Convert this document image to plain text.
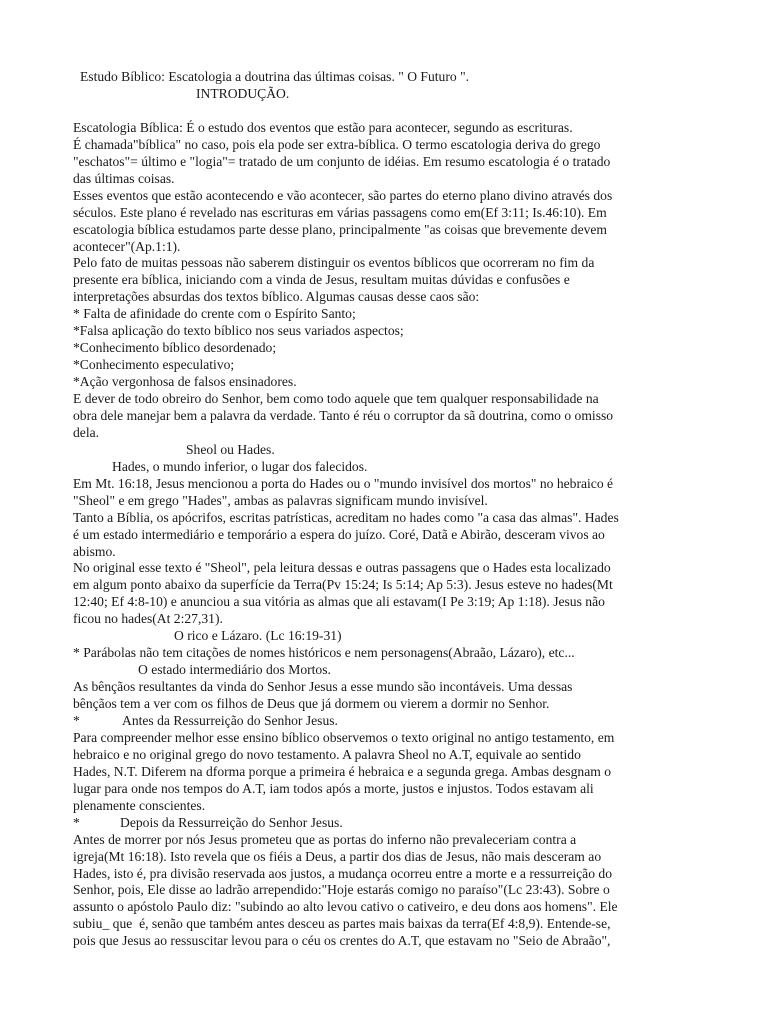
Estudo Bíblico: Escatologia a doutrina das últimas coisas. " O Futuro ".
INTRODUÇÃO.
Escatologia Bíblica: É o estudo dos eventos que estão para acontecer, segundo as escrituras.
É chamada"bíblica" no caso, pois ela pode ser extra-bíblica. O termo escatologia deriva do grego
"eschatos"= último e "logia"= tratado de um conjunto de idéias. Em resumo escatologia é o tratado
das últimas coisas.
Esses eventos que estão acontecendo e vão acontecer, são partes do eterno plano divino através dos
séculos. Este plano é revelado nas escrituras em várias passagens como em(Ef 3:11; Is.46:10). Em
escatologia bíblica estudamos parte desse plano, principalmente "as coisas que brevemente devem
acontecer"(Ap.1:1).
Pelo fato de muitas pessoas não saberem distinguir os eventos bíblicos que ocorreram no fim da
presente era bíblica, iniciando com a vinda de Jesus, resultam muitas dúvidas e confusões e
interpretações absurdas dos textos bíblico. Algumas causas desse caos são:
* Falta de afinidade do crente com o Espírito Santo;
*Falsa aplicação do texto bíblico nos seus variados aspectos;
*Conhecimento bíblico desordenado;
*Conhecimento especulativo;
*Ação vergonhosa de falsos ensinadores.
E dever de todo obreiro do Senhor, bem como todo aquele que tem qualquer responsabilidade na
obra dele manejar bem a palavra da verdade. Tanto é réu o corruptor da sã doutrina, como o omisso
dela.
Sheol ou Hades.
Hades, o mundo inferior, o lugar dos falecidos.
Em Mt. 16:18, Jesus mencionou a porta do Hades ou o "mundo invisível dos mortos" no hebraico é
"Sheol" e em grego "Hades", ambas as palavras significam mundo invisível.
Tanto a Bíblia, os apócrifos, escritas patrísticas, acreditam no hades como "a casa das almas". Hades
é um estado intermediário e temporário a espera do juízo. Coré, Datã e Abirão, desceram vivos ao
abismo.
No original esse texto é "Sheol", pela leitura dessas e outras passagens que o Hades esta localizado
em algum ponto abaixo da superfície da Terra(Pv 15:24; Is 5:14; Ap 5:3). Jesus esteve no hades(Mt
12:40; Ef 4:8-10) e anunciou a sua vitória as almas que ali estavam(I Pe 3:19; Ap 1:18). Jesus não
ficou no hades(At 2:27,31).
O rico e Lázaro. (Lc 16:19-31)
* Parábolas não tem citações de nomes históricos e nem personagens(Abraão, Lázaro), etc...
O estado intermediário dos Mortos.
As bênçãos resultantes da vinda do Senhor Jesus a esse mundo são incontáveis. Uma dessas
bênçãos tem a ver com os filhos de Deus que já dormem ou vierem a dormir no Senhor.
*	Antes da Ressurreição do Senhor Jesus.
Para compreender melhor esse ensino bíblico observemos o texto original no antigo testamento, em
hebraico e no original grego do novo testamento. A palavra Sheol no A.T, equivale ao sentido
Hades, N.T. Diferem na dforma porque a primeira é hebraica e a segunda grega. Ambas desgnam o
lugar para onde nos tempos do A.T, iam todos após a morte, justos e injustos. Todos estavam ali
plenamente conscientes.
*	Depois da Ressurreição do Senhor Jesus.
Antes de morrer por nós Jesus prometeu que as portas do inferno não prevaleceriam contra a
igreja(Mt 16:18). Isto revela que os fiéis a Deus, a partir dos dias de Jesus, não mais desceram ao
Hades, isto é, pra divisão reservada aos justos, a mudança ocorreu entre a morte e a ressurreição do
Senhor, pois, Ele disse ao ladrão arrependido:"Hoje estarás comigo no paraíso"(Lc 23:43). Sobre o
assunto o apóstolo Paulo diz: "subindo ao alto levou cativo o cativeiro, e deu dons aos homens". Ele
subiu_ que  é, senão que também antes desceu as partes mais baixas da terra(Ef 4:8,9). Entende-se,
pois que Jesus ao ressuscitar levou para o céu os crentes do A.T, que estavam no "Seio de Abraão",
